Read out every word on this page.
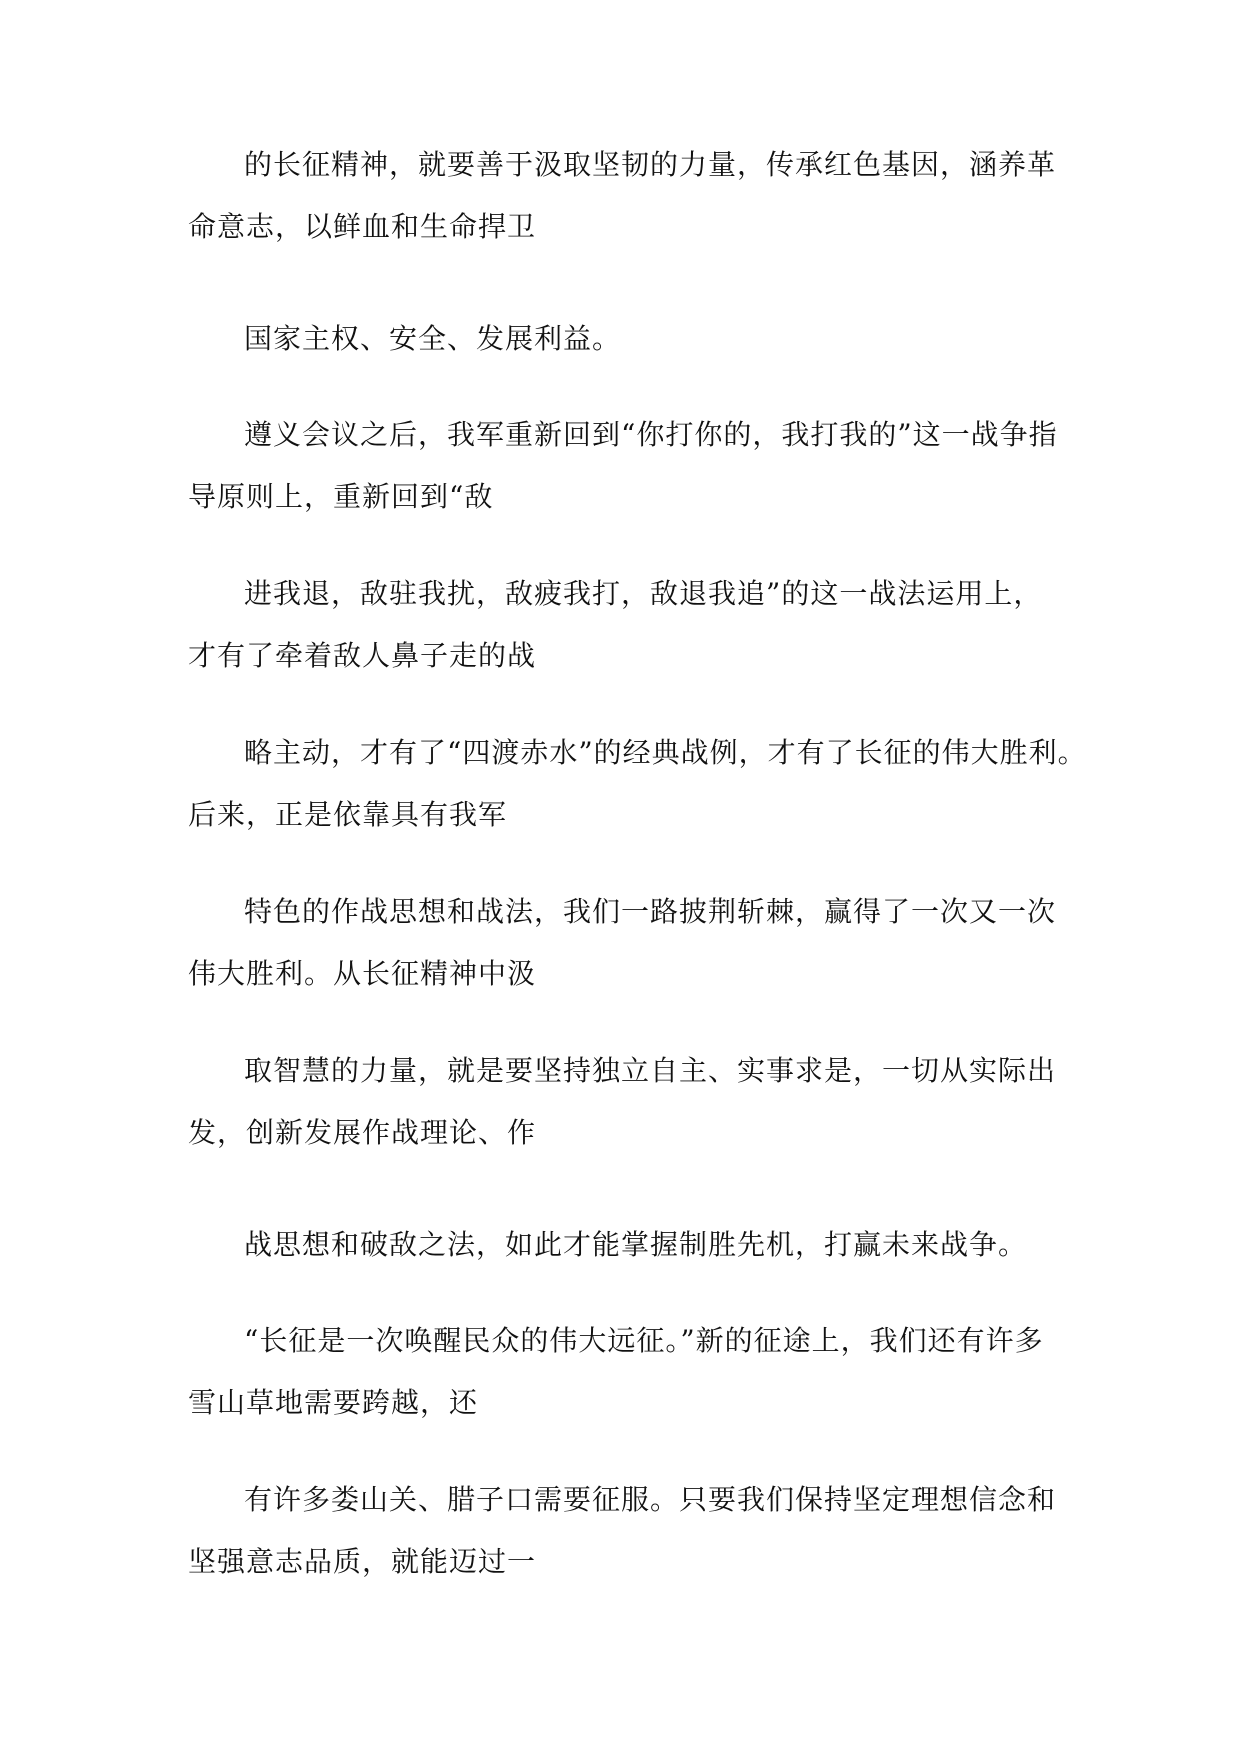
的长征精神，就要善于汲取坚韧的力量，传承红色基因，涵养革
命意志，以鲜血和生命捍卫
国家主权、安全、发展利益。
遵义会议之后，我军重新回到“你打你的，我打我的”这一战争指
导原则上，重新回到“敌
进我退，敌驻我扰，敌疲我打，敌退我追”的这一战法运用上，
才有了牵着敌人鼻子走的战
略主动，才有了“四渡赤水”的经典战例，才有了长征的伟大胜利。
后来，正是依靠具有我军
特色的作战思想和战法，我们一路披荆斩棘，赢得了一次又一次
伟大胜利。从长征精神中汲
取智慧的力量，就是要坚持独立自主、实事求是，一切从实际出
发，创新发展作战理论、作
战思想和破敌之法，如此才能掌握制胜先机，打赢未来战争。
“长征是一次唤醒民众的伟大远征。”新的征途上，我们还有许多
雪山草地需要跨越，还
有许多娄山关、腊子口需要征服。只要我们保持坚定理想信念和
坚强意志品质，就能迈过一
